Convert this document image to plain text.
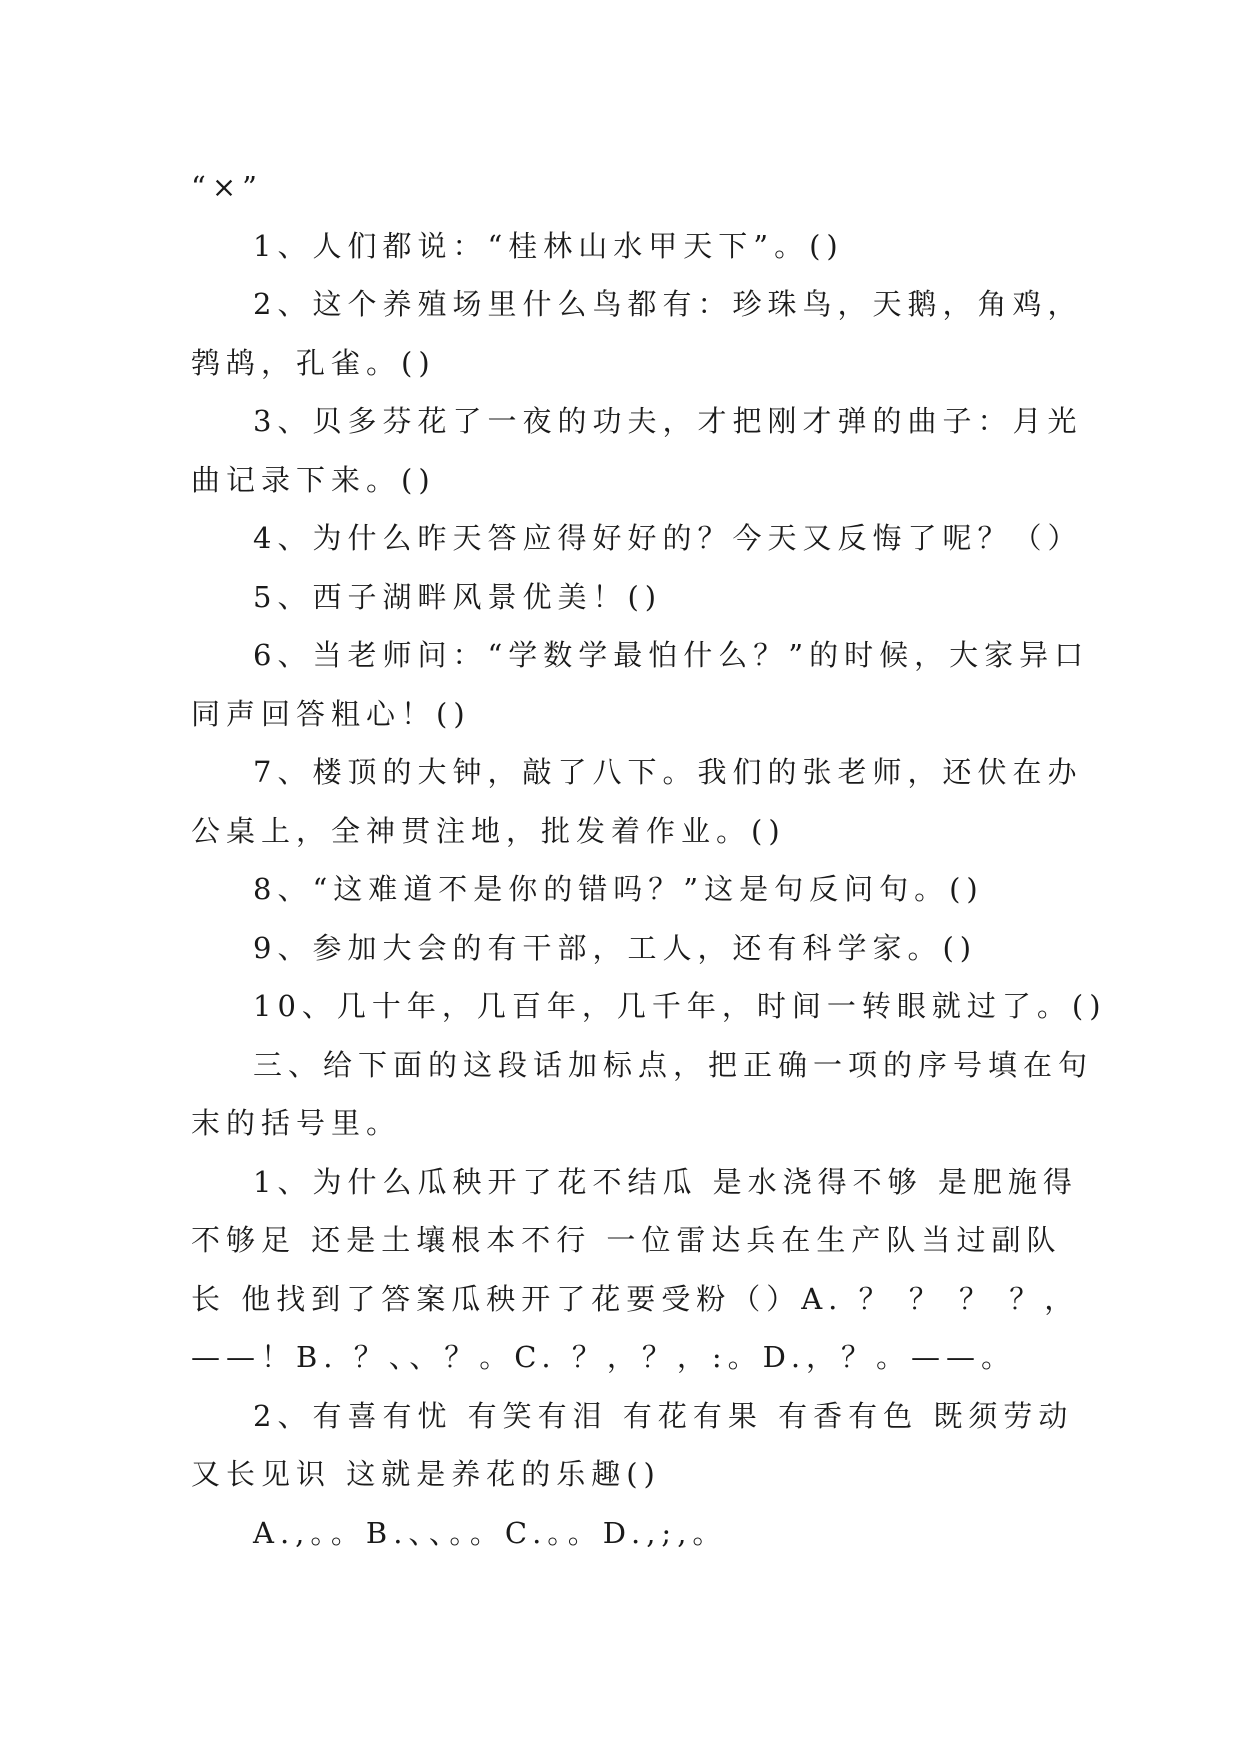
“×”
1、人们都说：“桂林山水甲天下”。()
2、这个养殖场里什么鸟都有：珍珠鸟，天鹅，角鸡，
鹁鸪，孔雀。()
3、贝多芬花了一夜的功夫，才把刚才弹的曲子：月光
曲记录下来。()
4、为什么昨天答应得好好的？今天又反悔了呢？（）
5、西子湖畔风景优美！()
6、当老师问：“学数学最怕什么？”的时候，大家异口
同声回答粗心！()
7、楼顶的大钟，敲了八下。我们的张老师，还伏在办
公桌上，全神贯注地，批发着作业。()
8、“这难道不是你的错吗？”这是句反问句。()
9、参加大会的有干部，工人，还有科学家。()
10、几十年，几百年，几千年，时间一转眼就过了。()
三、给下面的这段话加标点，把正确一项的序号填在句
末的括号里。
1、为什么瓜秧开了花不结瓜 是水浇得不够 是肥施得
不够足 还是土壤根本不行 一位雷达兵在生产队当过副队
长 他找到了答案瓜秧开了花要受粉（）A. ？ ？ ？ ？，
——！B. ？、、？。C. ？，？，:。D.，？。——。
2、有喜有忧 有笑有泪 有花有果 有香有色 既须劳动
又长见识 这就是养花的乐趣()
A.,。。B.、、。。C.。。D.,;,。
